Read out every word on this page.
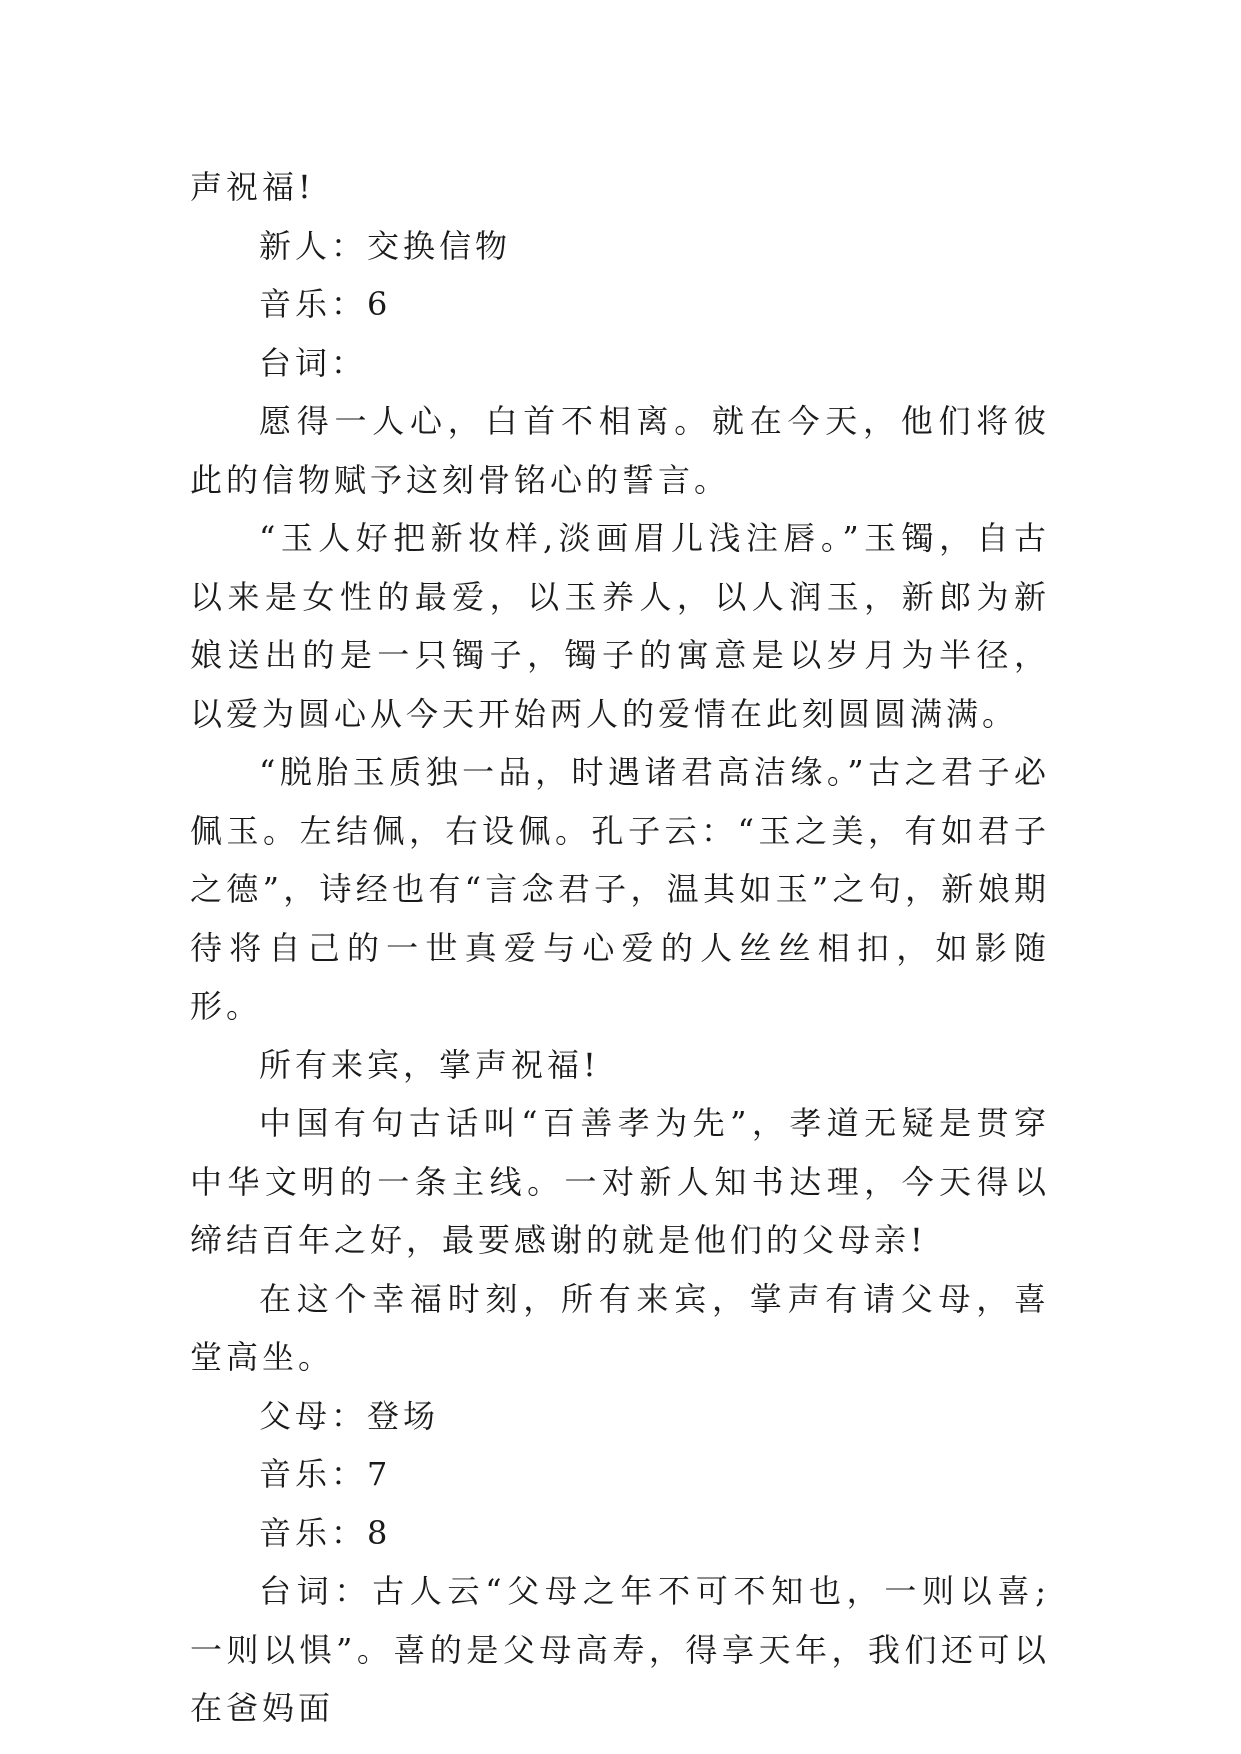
声祝福!

新人：交换信物

音乐：6

台词：

愿得一人心，白首不相离。就在今天，他们将彼此的信物赋予这刻骨铭心的誓言。

“玉人好把新妆样,淡画眉儿浅注唇。”玉镯，自古以来是女性的最爱，以玉养人，以人润玉，新郎为新娘送出的是一只镯子，镯子的寓意是以岁月为半径，以爱为圆心从今天开始两人的爱情在此刻圆圆满满。

“脱胎玉质独一品，时遇诸君高洁缘。”古之君子必佩玉。左结佩，右设佩。孔子云：“玉之美，有如君子之德”，诗经也有“言念君子，温其如玉”之句，新娘期待将自己的一世真爱与心爱的人丝丝相扣，如影随形。

所有来宾，掌声祝福!

中国有句古话叫“百善孝为先”，孝道无疑是贯穿中华文明的一条主线。一对新人知书达理，今天得以缔结百年之好，最要感谢的就是他们的父母亲!

在这个幸福时刻，所有来宾，掌声有请父母，喜堂高坐。

父母：登场

音乐：7

音乐：8

台词：古人云“父母之年不可不知也，一则以喜;一则以惧”。喜的是父母高寿，得享天年，我们还可以在爸妈面
